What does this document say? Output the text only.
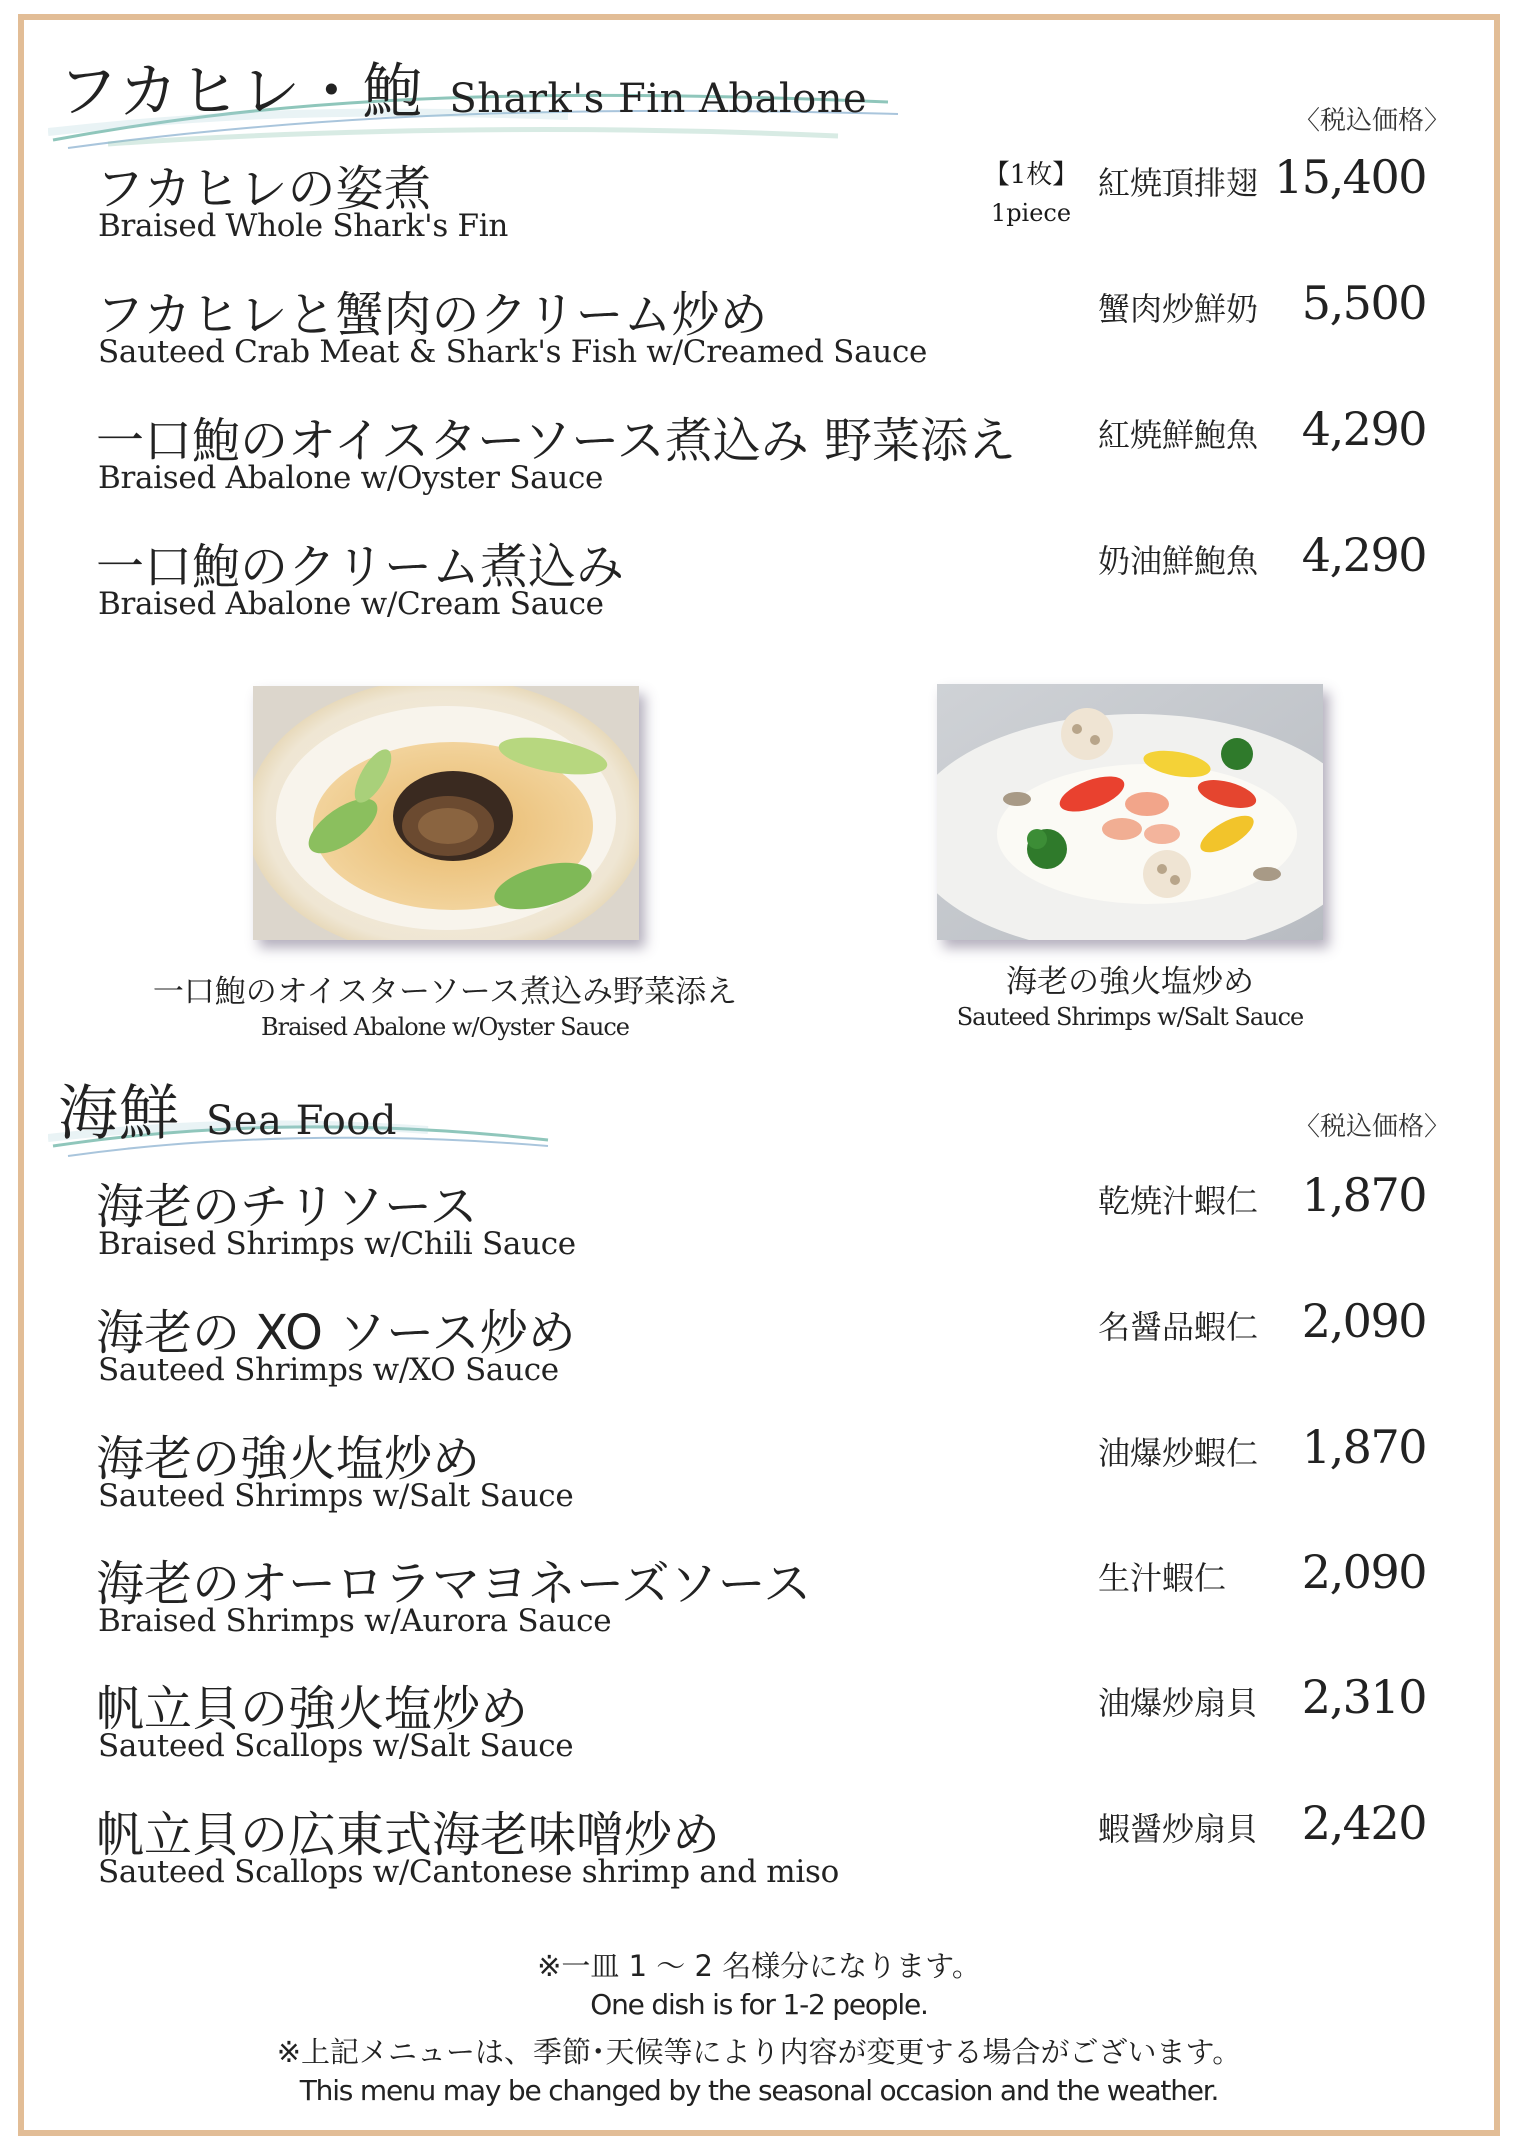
フカヒレ・鮑 Shark's Fin Abalone	〈税込価格〉
フカヒレの姿煮
Braised Whole Shark's Fin
【1枚】
1piece
紅焼頂排翅 15,400
フカヒレと蟹肉のクリーム炒め
Sauteed Crab Meat & Shark's Fish w/Creamed Sauce
蟹肉炒鮮奶 5,500
一口鮑のオイスターソース煮込み 野菜添え
Braised Abalone w/Oyster Sauce
紅焼鮮鮑魚 4,290
一口鮑のクリーム煮込み
Braised Abalone w/Cream Sauce
奶油鮮鮑魚 4,290
一口鮑のオイスターソース煮込み野菜添え
Braised Abalone w/Oyster Sauce
海老の強火塩炒め
Sauteed Shrimps w/Salt Sauce
海鮮 Sea Food	〈税込価格〉
海老のチリソース
Braised Shrimps w/Chili Sauce
乾焼汁蝦仁 1,870
海老の XO ソース炒め
Sauteed Shrimps w/XO Sauce
名醤品蝦仁 2,090
海老の強火塩炒め
Sauteed Shrimps w/Salt Sauce
油爆炒蝦仁 1,870
海老のオーロラマヨネーズソース
Braised Shrimps w/Aurora Sauce
生汁蝦仁 2,090
帆立貝の強火塩炒め
Sauteed Scallops w/Salt Sauce
油爆炒扇貝 2,310
帆立貝の広東式海老味噌炒め
Sauteed Scallops w/Cantonese shrimp and miso
蝦醤炒扇貝 2,420
※一皿 1 〜 2 名様分になります。
One dish is for 1-2 people.
※上記メニューは、季節･天候等により内容が変更する場合がございます。
This menu may be changed by the seasonal occasion and the weather.
